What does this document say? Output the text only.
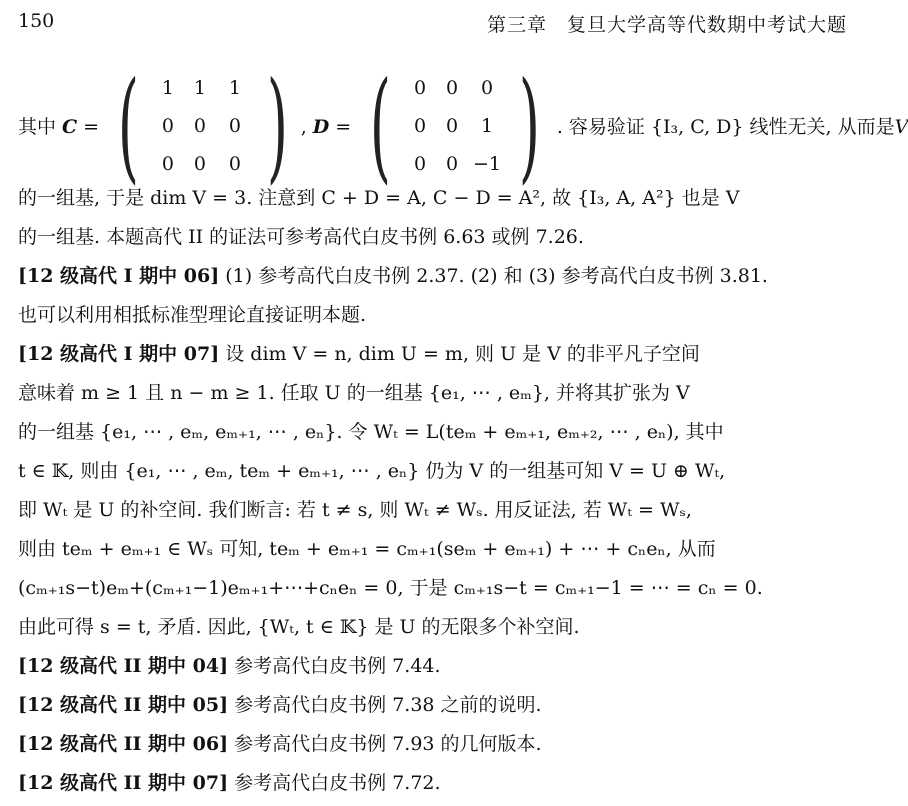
150	第三章　复旦大学高等代数期中考试大题
其中 C = (	1	1	1
0	0	0
0	0	0 ) , D = (	0	0	0
0	0	1
0	0 −1 ) . 容易验证 {I₃, C, D} 线性无关, 从而是 V
的一组基, 于是 dim V = 3. 注意到 C + D = A, C − D = A², 故 {I₃, A, A²} 也是 V
的一组基. 本题高代 II 的证法可参考高代白皮书例 6.63 或例 7.26.
[12 级高代 I 期中 06] (1) 参考高代白皮书例 2.37. (2) 和 (3) 参考高代白皮书例 3.81.
也可以利用相抵标准型理论直接证明本题.
[12 级高代 I 期中 07] 设 dim V = n, dim U = m, 则 U 是 V 的非平凡子空间
意味着 m ≥ 1 且 n − m ≥ 1. 任取 U 的一组基 {e₁, ⋯ , eₘ}, 并将其扩张为 V
的一组基 {e₁, ⋯ , eₘ, eₘ₊₁, ⋯ , eₙ}. 令 Wₜ = L(teₘ + eₘ₊₁, eₘ₊₂, ⋯ , eₙ), 其中
t ∈ 𝕂, 则由 {e₁, ⋯ , eₘ, teₘ + eₘ₊₁, ⋯ , eₙ} 仍为 V 的一组基可知 V = U ⊕ Wₜ,
即 Wₜ 是 U 的补空间. 我们断言: 若 t ≠ s, 则 Wₜ ≠ Wₛ. 用反证法, 若 Wₜ = Wₛ,
则由 teₘ + eₘ₊₁ ∈ Wₛ 可知, teₘ + eₘ₊₁ = cₘ₊₁(seₘ + eₘ₊₁) + ⋯ + cₙeₙ, 从而
(cₘ₊₁s−t)eₘ+(cₘ₊₁−1)eₘ₊₁+⋯+cₙeₙ = 0, 于是 cₘ₊₁s−t = cₘ₊₁−1 = ⋯ = cₙ = 0.
由此可得 s = t, 矛盾. 因此, {Wₜ, t ∈ 𝕂} 是 U 的无限多个补空间.
[12 级高代 II 期中 04] 参考高代白皮书例 7.44.
[12 级高代 II 期中 05] 参考高代白皮书例 7.38 之前的说明.
[12 级高代 II 期中 06] 参考高代白皮书例 7.93 的几何版本.
[12 级高代 II 期中 07] 参考高代白皮书例 7.72.
